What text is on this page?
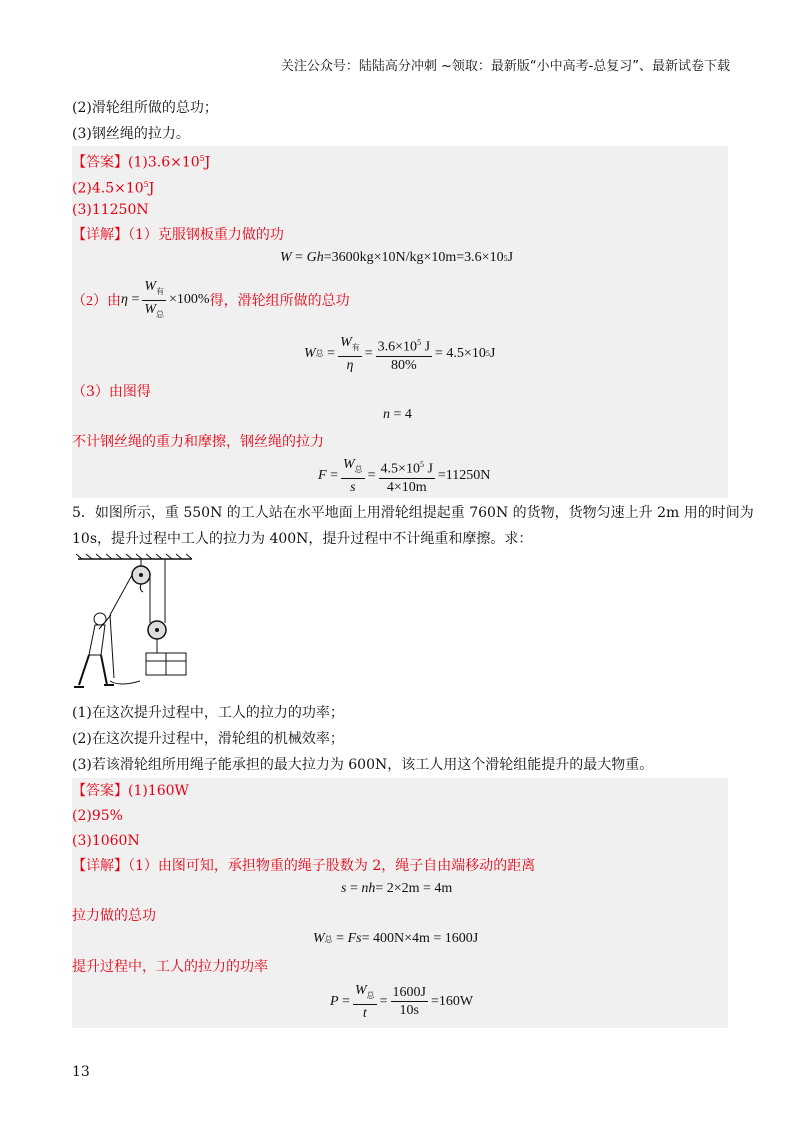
关注公众号：陆陆高分冲刺 ~领取：最新版“小中高考-总复习”、最新试卷下载
(2)滑轮组所做的总功；
(3)钢丝绳的拉力。
【答案】$(1)3.6\times 10^5J$
$(2)4.5\times 10^5J$
(3)11250N
【详解】（1）克服钢板重力做的功
W = Gh =3600kg×10N/kg×10m=3.6×10 5 J
（2）由 $\eta = \frac{W_有}{W_总} \times 100\%$ 得，滑轮组所做的总功
W 总 = $\frac{W_有}{\eta} = \frac{3.6\times 10^5 J}{80\%} = 4.5\times 10$ 5 J
（3）由图得
n
= 4
不计钢丝绳的重力和摩擦，钢丝绳的拉力
$F = \frac{W_总}{s} = \frac{4.5\times 10^5 J}{4\times 10m} =11250N$
5．如图所示，重 550N 的工人站在水平地面上用滑轮组提起重 760N 的货物，货物匀速上升 2m 用的时间为
10s，提升过程中工人的拉力为 400N，提升过程中不计绳重和摩擦。求：
(1)在这次提升过程中，工人的拉力的功率；
(2)在这次提升过程中，滑轮组的机械效率；
(3)若该滑轮组所用绳子能承担的最大拉力为 600N，该工人用这个滑轮组能提升的最大物重。
【答案】(1)160W
(2)95%
(3)1060N
【详解】（1）由图可知，承担物重的绳子股数为 2，绳子自由端移动的距离
s = n h = 2×2m = 4m
拉力做的总功
W 总 = Fs = 400N×4m = 1600J
提升过程中，工人的拉力的功率
$P = \frac{W_总}{t} = \frac{1600J}{10s} =160W$
13
